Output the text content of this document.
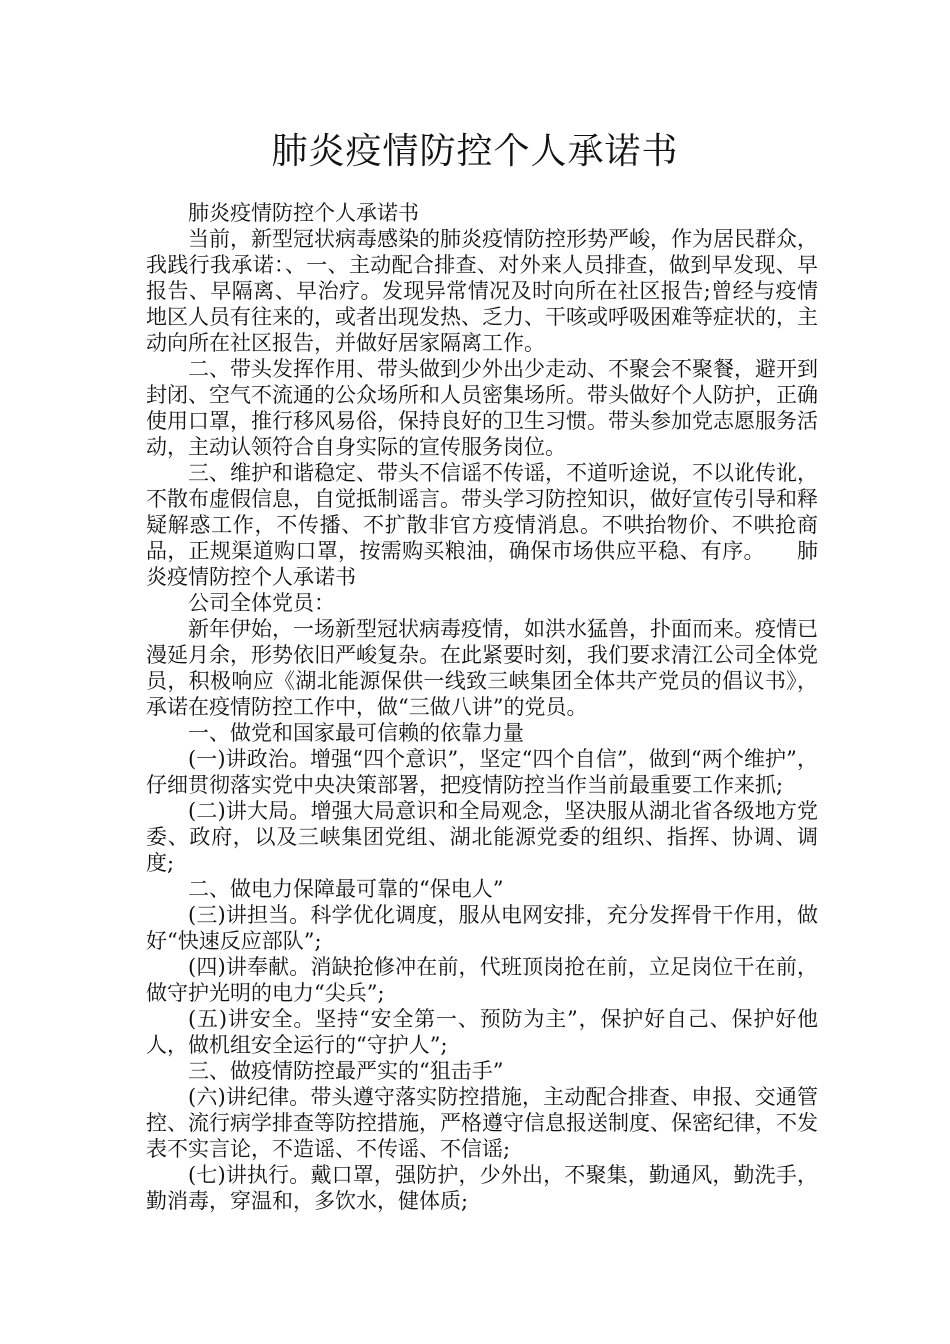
肺炎疫情防控个人承诺书

肺炎疫情防控个人承诺书

当前，新型冠状病毒感染的肺炎疫情防控形势严峻，作为居民群众，我践行我承诺：、一、主动配合排查、对外来人员排查，做到早发现、早报告、早隔离、早治疗。发现异常情况及时向所在社区报告;曾经与疫情地区人员有往来的，或者出现发热、乏力、干咳或呼吸困难等症状的，主动向所在社区报告，并做好居家隔离工作。

二、带头发挥作用、带头做到少外出少走动、不聚会不聚餐，避开到封闭、空气不流通的公众场所和人员密集场所。带头做好个人防护，正确使用口罩，推行移风易俗，保持良好的卫生习惯。带头参加党志愿服务活动，主动认领符合自身实际的宣传服务岗位。

三、维护和谐稳定、带头不信谣不传谣，不道听途说，不以讹传讹，不散布虚假信息，自觉抵制谣言。带头学习防控知识，做好宣传引导和释疑解惑工作，不传播、不扩散非官方疫情消息。不哄抬物价、不哄抢商品，正规渠道购口罩，按需购买粮油，确保市场供应平稳、有序。　　肺炎疫情防控个人承诺书

公司全体党员：

新年伊始，一场新型冠状病毒疫情，如洪水猛兽，扑面而来。疫情已漫延月余，形势依旧严峻复杂。在此紧要时刻，我们要求清江公司全体党员，积极响应《湖北能源保供一线致三峡集团全体共产党员的倡议书》，承诺在疫情防控工作中，做“三做八讲”的党员。

一、做党和国家最可信赖的依靠力量

(一)讲政治。增强“四个意识”，坚定“四个自信”，做到“两个维护”，仔细贯彻落实党中央决策部署，把疫情防控当作当前最重要工作来抓;

(二)讲大局。增强大局意识和全局观念，坚决服从湖北省各级地方党委、政府，以及三峡集团党组、湖北能源党委的组织、指挥、协调、调度;

二、做电力保障最可靠的“保电人”

(三)讲担当。科学优化调度，服从电网安排，充分发挥骨干作用，做好“快速反应部队”;

(四)讲奉献。消缺抢修冲在前，代班顶岗抢在前，立足岗位干在前，做守护光明的电力“尖兵”;

(五)讲安全。坚持“安全第一、预防为主”，保护好自己、保护好他人，做机组安全运行的“守护人”;

三、做疫情防控最严实的“狙击手”

(六)讲纪律。带头遵守落实防控措施，主动配合排查、申报、交通管控、流行病学排查等防控措施，严格遵守信息报送制度、保密纪律，不发表不实言论，不造谣、不传谣、不信谣;

(七)讲执行。戴口罩，强防护，少外出，不聚集，勤通风，勤洗手，勤消毒，穿温和，多饮水，健体质;
